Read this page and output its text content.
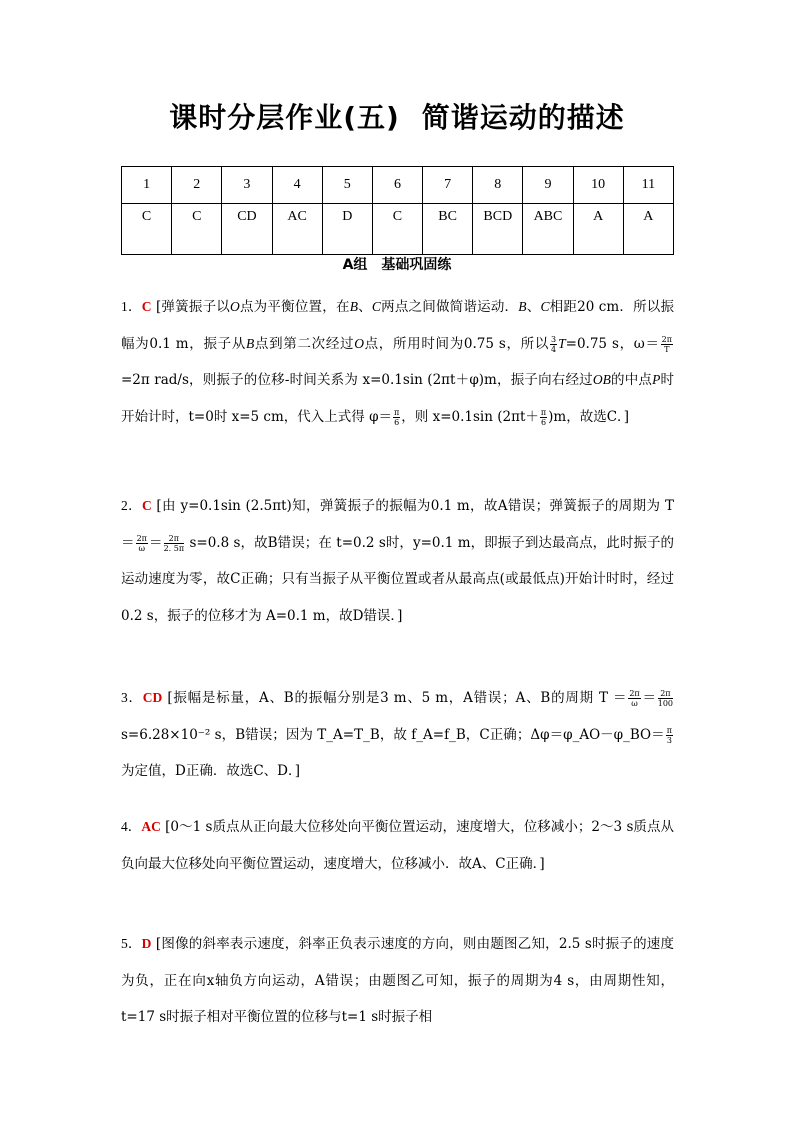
课时分层作业(五) 简谐运动的描述
1	2	3	4	5	6	7	8	9	10	11
C	C	CD	AC	D	C	BC	BCD	ABC	A	A
A组　基础巩固练
1．C [弹簧振子以O点为平衡位置，在B、C两点之间做简谐运动．B、C相距20 cm．所以振幅为0.1 m，振子从B点到第二次经过O点，所用时间为0.75 s，所以 $\frac{3}{4} T=0.75$ s，$\omega= \frac{2\pi}{T}$
=2π rad/s，则振子的位移-时间关系为 x=0.1sin (2πt＋φ)m，振子向右经过OB的中点P时开始计时，t=0时 x=5 cm，代入上式得 $\varphi= \frac{\pi}{6}$ ，则 x=0.1sin $(2\pi t+ \frac{\pi}{6} )m$，故选C．]
2．C [由 y=0.1sin (2.5πt)知，弹簧振子的振幅为0.1 m，故A错误；弹簧振子的周期为 $T= \frac{2\pi}{\omega} = \frac{2\pi}{2. 5\pi} s=0.8$ s，故B错误；在 t=0.2 s时，y=0.1 m，即振子到达最高点，此时振子的运动速度为零，故C正确；只有当振子从平衡位置或者从最高点(或最低点)开始计时时，经过0.2 s，振子的位移才为 A=0.1 m，故D错误．]
3．CD [振幅是标量，A、B的振幅分别是3 m、5 m，A错误；A、B的周期 $T = \frac{2\pi}{\omega} = \frac{2\pi}{100}$
s=6.28×10⁻² s，B错误；因为 T_A=T_B，故 f_A=f_B，C正确；Δφ＝φ_AO－φ_BO＝ $\frac{\pi}{3}$
为定值，D正确．故选C、D．]
4．AC [0～1 s质点从正向最大位移处向平衡位置运动，速度增大，位移减小；2～3 s质点从负向最大位移处向平衡位置运动，速度增大，位移减小．故A、C正确．]
5．D [图像的斜率表示速度，斜率正负表示速度的方向，则由题图乙知，2.5 s时振子的速度为负，正在向x轴负方向运动，A错误；由题图乙可知，振子的周期为4 s，由周期性知，t=17 s时振子相对平衡位置的位移与t=1 s时振子相
